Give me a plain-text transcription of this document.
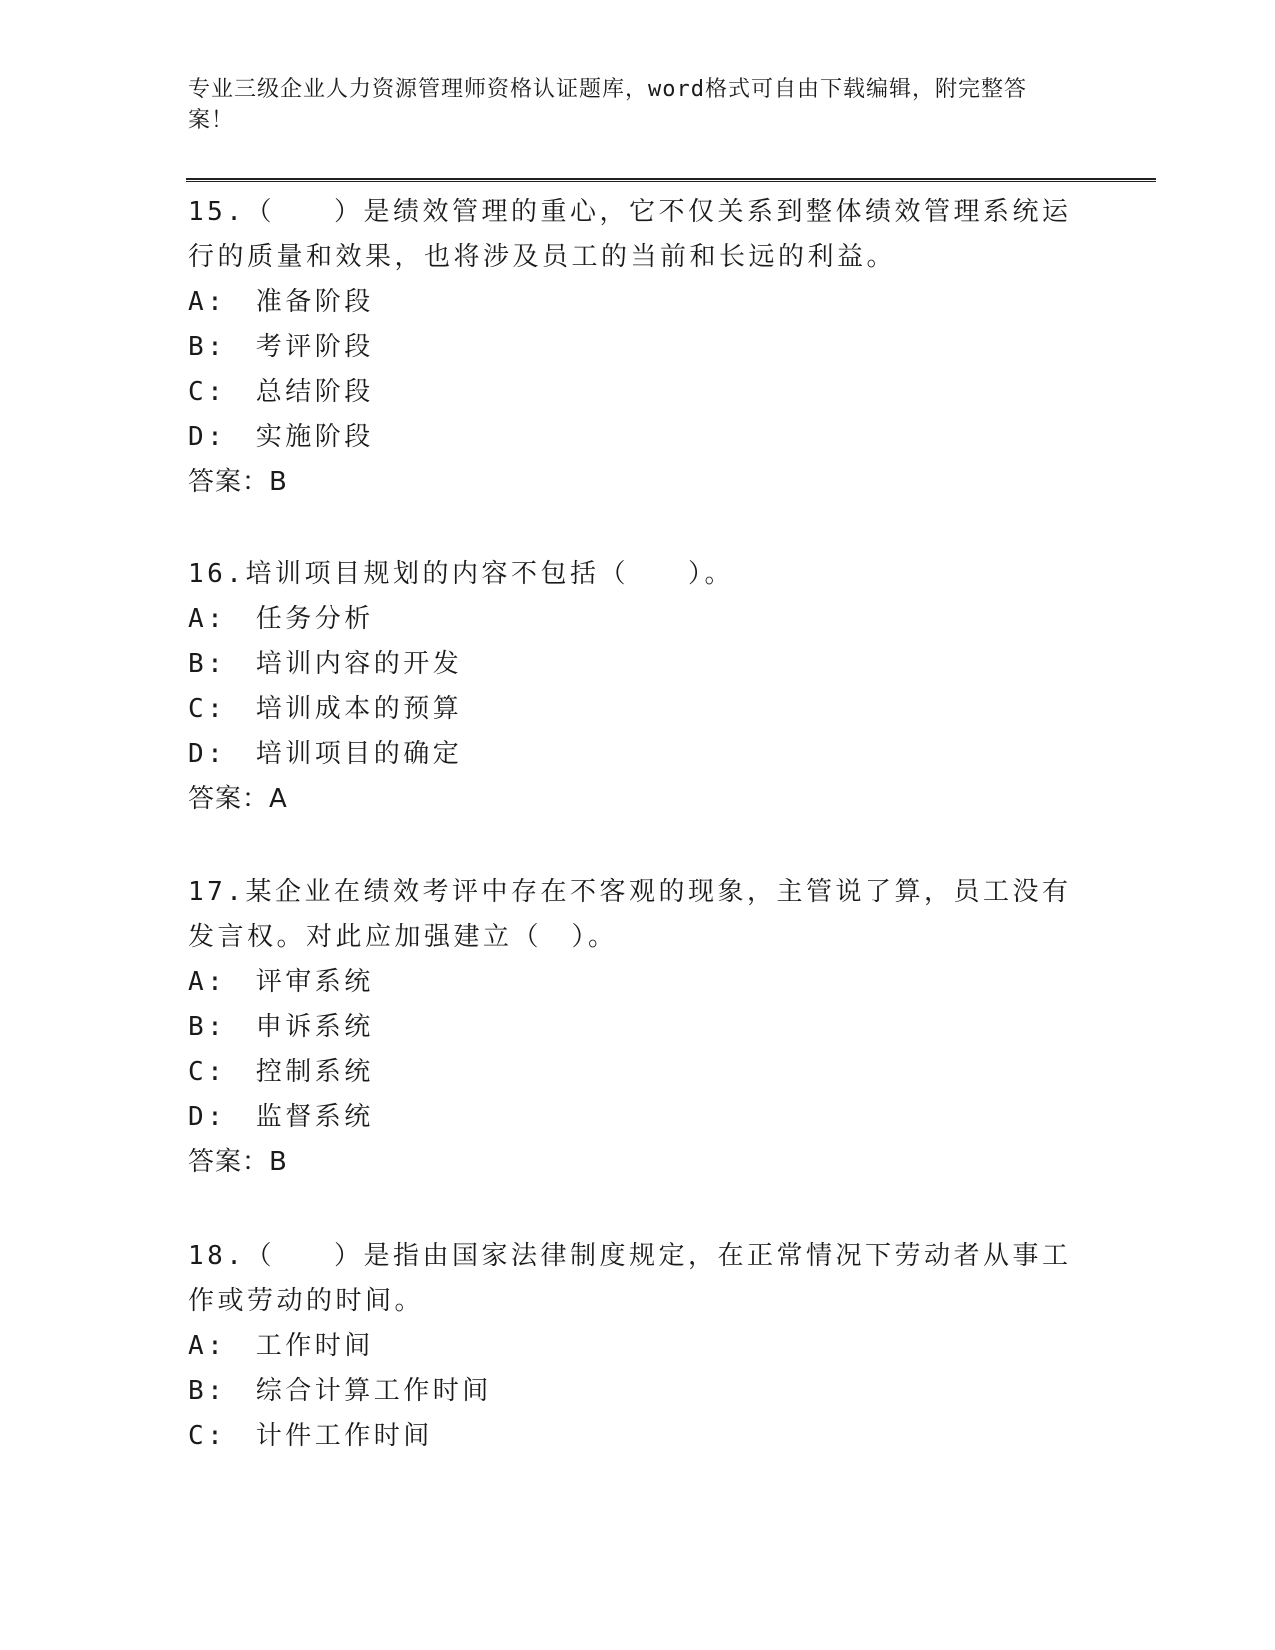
专业三级企业人力资源管理师资格认证题库，word格式可自由下载编辑，附完整答案！

15.（　　）是绩效管理的重心，它不仅关系到整体绩效管理系统运行的质量和效果，也将涉及员工的当前和长远的利益。

A:　准备阶段

B:　考评阶段

C:　总结阶段

D:　实施阶段

答案：B

16.培训项目规划的内容不包括（　　）。

A:　任务分析

B:　培训内容的开发

C:　培训成本的预算

D:　培训项目的确定

答案：A

17.某企业在绩效考评中存在不客观的现象，主管说了算，员工没有发言权。对此应加强建立（　）。

A:　评审系统

B:　申诉系统

C:　控制系统

D:　监督系统

答案：B

18.（　　）是指由国家法律制度规定，在正常情况下劳动者从事工作或劳动的时间。

A:　工作时间

B:　综合计算工作时间

C:　计件工作时间
